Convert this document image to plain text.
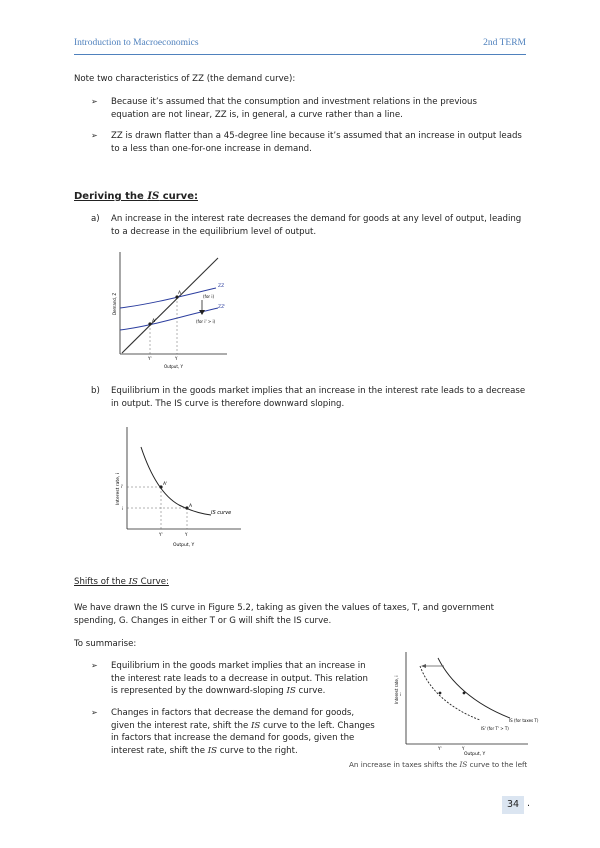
Introduction to Macroeconomics	2nd TERM
Note two characteristics of ZZ (the demand curve):
➢ Because it’s assumed that the consumption and investment relations in the previous equation are not linear, ZZ is, in general, a curve rather than a line.
➢ ZZ is drawn flatter than a 45-degree line because it’s assumed that an increase in output leads to a less than one-for-one increase in demand.
Deriving the IS curve:
a) An increase in the interest rate decreases the demand for goods at any level of output, leading to a decrease in the equilibrium level of output.
A
A'
ZZ
ZZ'
(for i)
(for i' > i)
Y'	Y
Output, Y
Demand, Z
b) Equilibrium in the goods market implies that an increase in the interest rate leads to a decrease in output. The IS curve is therefore downward sloping.
A'
A
i'
i
Y'	Y
IS curve
Output, Y
Interest rate, i
Shifts of the IS Curve:
We have drawn the IS curve in Figure 5.2, taking as given the values of taxes, T, and government spending, G. Changes in either T or G will shift the IS curve.
To summarise:
➢ Equilibrium in the goods market implies that an increase in
the interest rate leads to a decrease in output. This relation
is represented by the downward-sloping IS curve.
➢ Changes in factors that decrease the demand for goods,
given the interest rate, shift the IS curve to the left. Changes
in factors that increase the demand for goods, given the
interest rate, shift the IS curve to the right.
i
Y'	Y
IS (for taxes T)
IS' (for T' > T)
Output, Y
Interest rate, i
An increase in taxes shifts the IS curve to the left
34 .
